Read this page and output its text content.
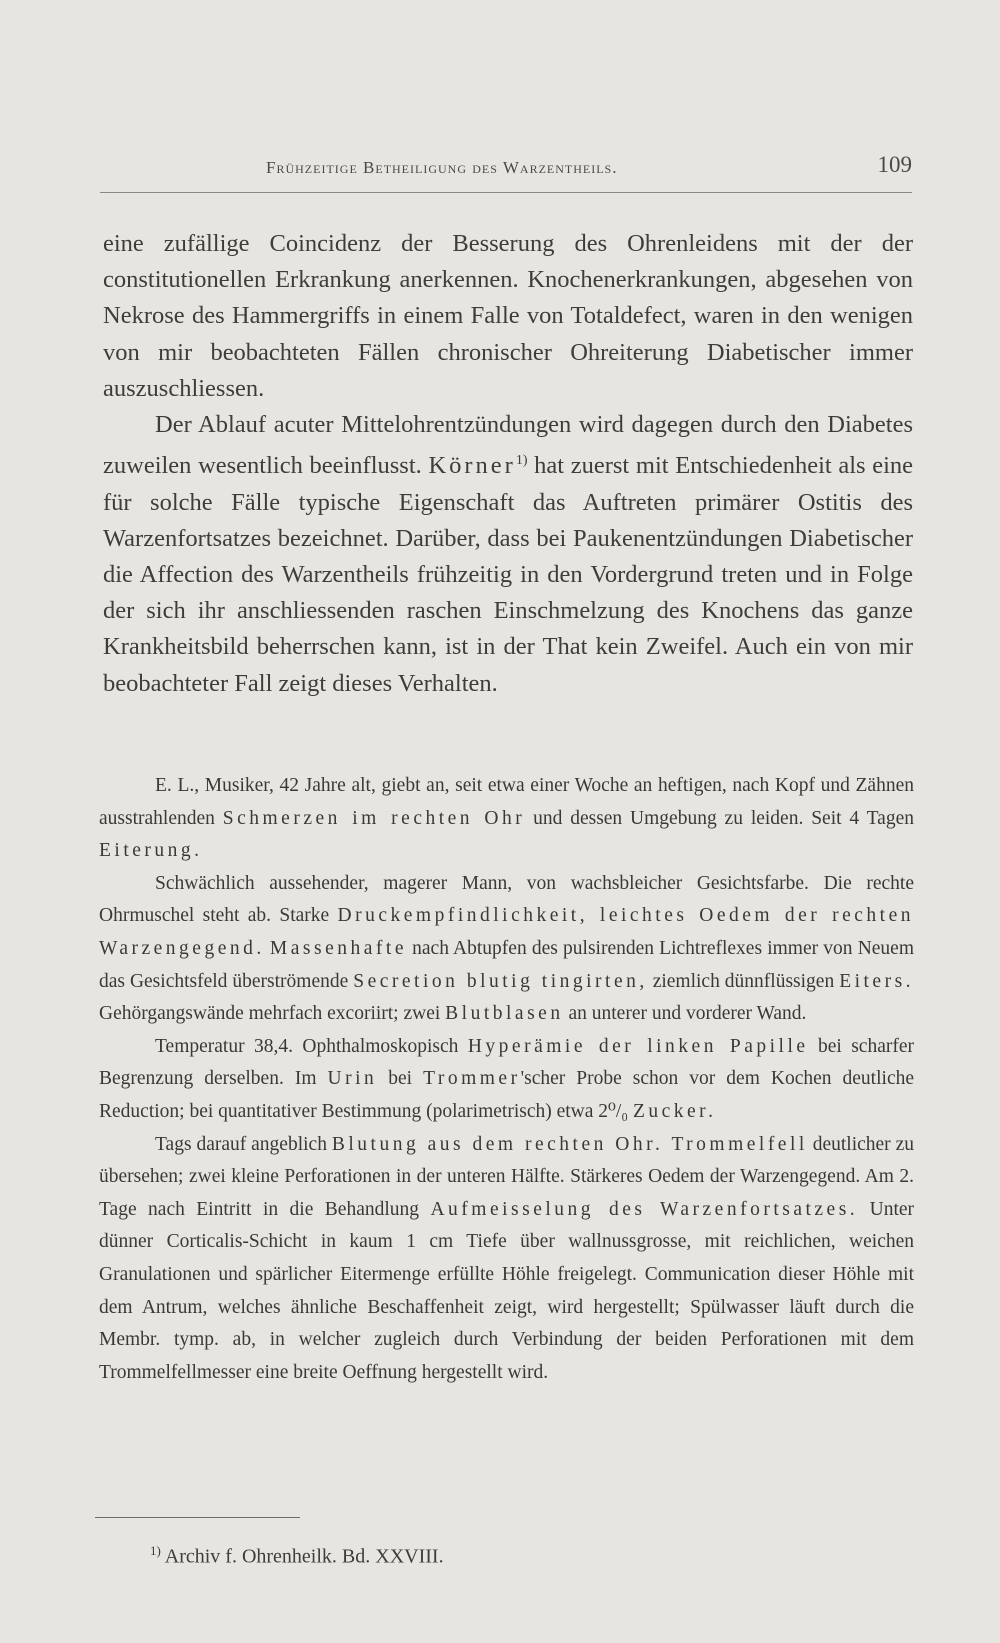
Frühzeitige Betheiligung des Warzentheils.	109

eine zufällige Coincidenz der Besserung des Ohrenleidens mit der der constitutionellen Erkrankung anerkennen. Knochenerkrankungen, abgesehen von Nekrose des Hammergriffs in einem Falle von Totaldefect, waren in den wenigen von mir beobachteten Fällen chronischer Ohreiterung Diabetischer immer auszuschliessen.

Der Ablauf acuter Mittelohrentzündungen wird dagegen durch den Diabetes zuweilen wesentlich beeinflusst. Körner$^{1)}$ hat zuerst mit Entschiedenheit als eine für solche Fälle typische Eigenschaft das Auftreten primärer Ostitis des Warzenfortsatzes bezeichnet. Darüber, dass bei Paukenentzündungen Diabetischer die Affection des Warzentheils frühzeitig in den Vordergrund treten und in Folge der sich ihr anschliessenden raschen Einschmelzung des Knochens das ganze Krankheitsbild beherrschen kann, ist in der That kein Zweifel. Auch ein von mir beobachteter Fall zeigt dieses Verhalten.

E. L., Musiker, 42 Jahre alt, giebt an, seit etwa einer Woche an heftigen, nach Kopf und Zähnen ausstrahlenden Schmerzen im rechten Ohr und dessen Umgebung zu leiden. Seit 4 Tagen Eiterung.

Schwächlich aussehender, magerer Mann, von wachsbleicher Gesichtsfarbe. Die rechte Ohrmuschel steht ab. Starke Druckempfindlichkeit, leichtes Oedem der rechten Warzengegend. Massenhafte nach Abtupfen des pulsirenden Lichtreflexes immer von Neuem das Gesichtsfeld überströmende Secretion blutig tingirten, ziemlich dünnflüssigen Eiters. Gehörgangswände mehrfach excoriirt; zwei Blutblasen an unterer und vorderer Wand.

Temperatur 38,4. Ophthalmoskopisch Hyperämie der linken Papille bei scharfer Begrenzung derselben. Im Urin bei Trommer'scher Probe schon vor dem Kochen deutliche Reduction; bei quantitativer Bestimmung (polarimetrisch) etwa 2⁰/₀ Zucker.

Tags darauf angeblich Blutung aus dem rechten Ohr. Trommelfell deutlicher zu übersehen; zwei kleine Perforationen in der unteren Hälfte. Stärkeres Oedem der Warzengegend. Am 2. Tage nach Eintritt in die Behandlung Aufmeisselung des Warzenfortsatzes. Unter dünner Corticalis-Schicht in kaum 1 cm Tiefe über wallnussgrosse, mit reichlichen, weichen Granulationen und spärlicher Eitermenge erfüllte Höhle freigelegt. Communication dieser Höhle mit dem Antrum, welches ähnliche Beschaffenheit zeigt, wird hergestellt; Spülwasser läuft durch die Membr. tymp. ab, in welcher zugleich durch Verbindung der beiden Perforationen mit dem Trommelfellmesser eine breite Oeffnung hergestellt wird.

$^{1)}$ Archiv f. Ohrenheilk. Bd. XXVIII.
